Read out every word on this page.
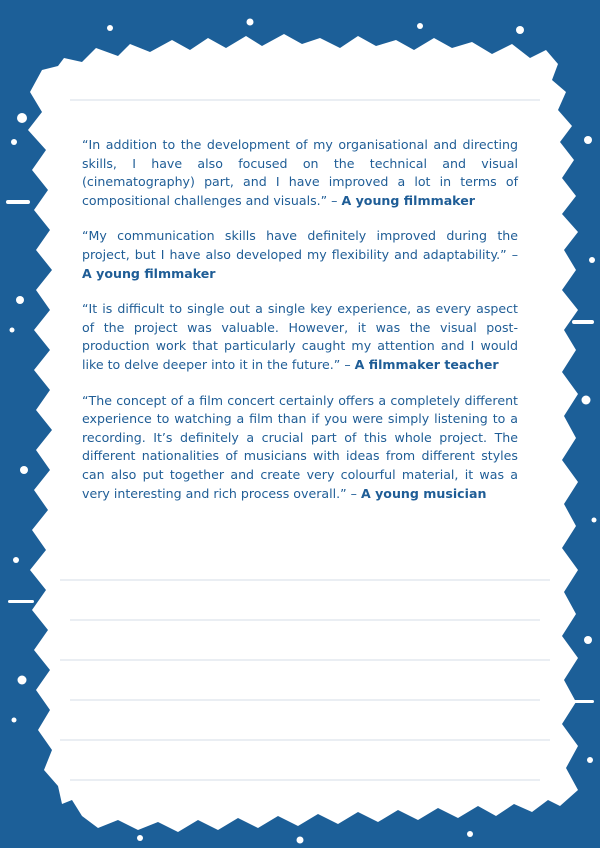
“In addition to the development of my organisational and directing skills, I have also focused on the technical and visual (cinematography) part, and I have improved a lot in terms of compositional challenges and visuals.” – A young filmmaker

“My communication skills have definitely improved during the project, but I have also developed my flexibility and adaptability.” – A young filmmaker

“It is difficult to single out a single key experience, as every aspect of the project was valuable. However, it was the visual post-production work that particularly caught my attention and I would like to delve deeper into it in the future.” – A filmmaker teacher

“The concept of a film concert certainly offers a completely different experience to watching a film than if you were simply listening to a recording. It’s definitely a crucial part of this whole project. The different nationalities of musicians with ideas from different styles can also put together and create very colourful material, it was a very interesting and rich process overall.” – A young musician
